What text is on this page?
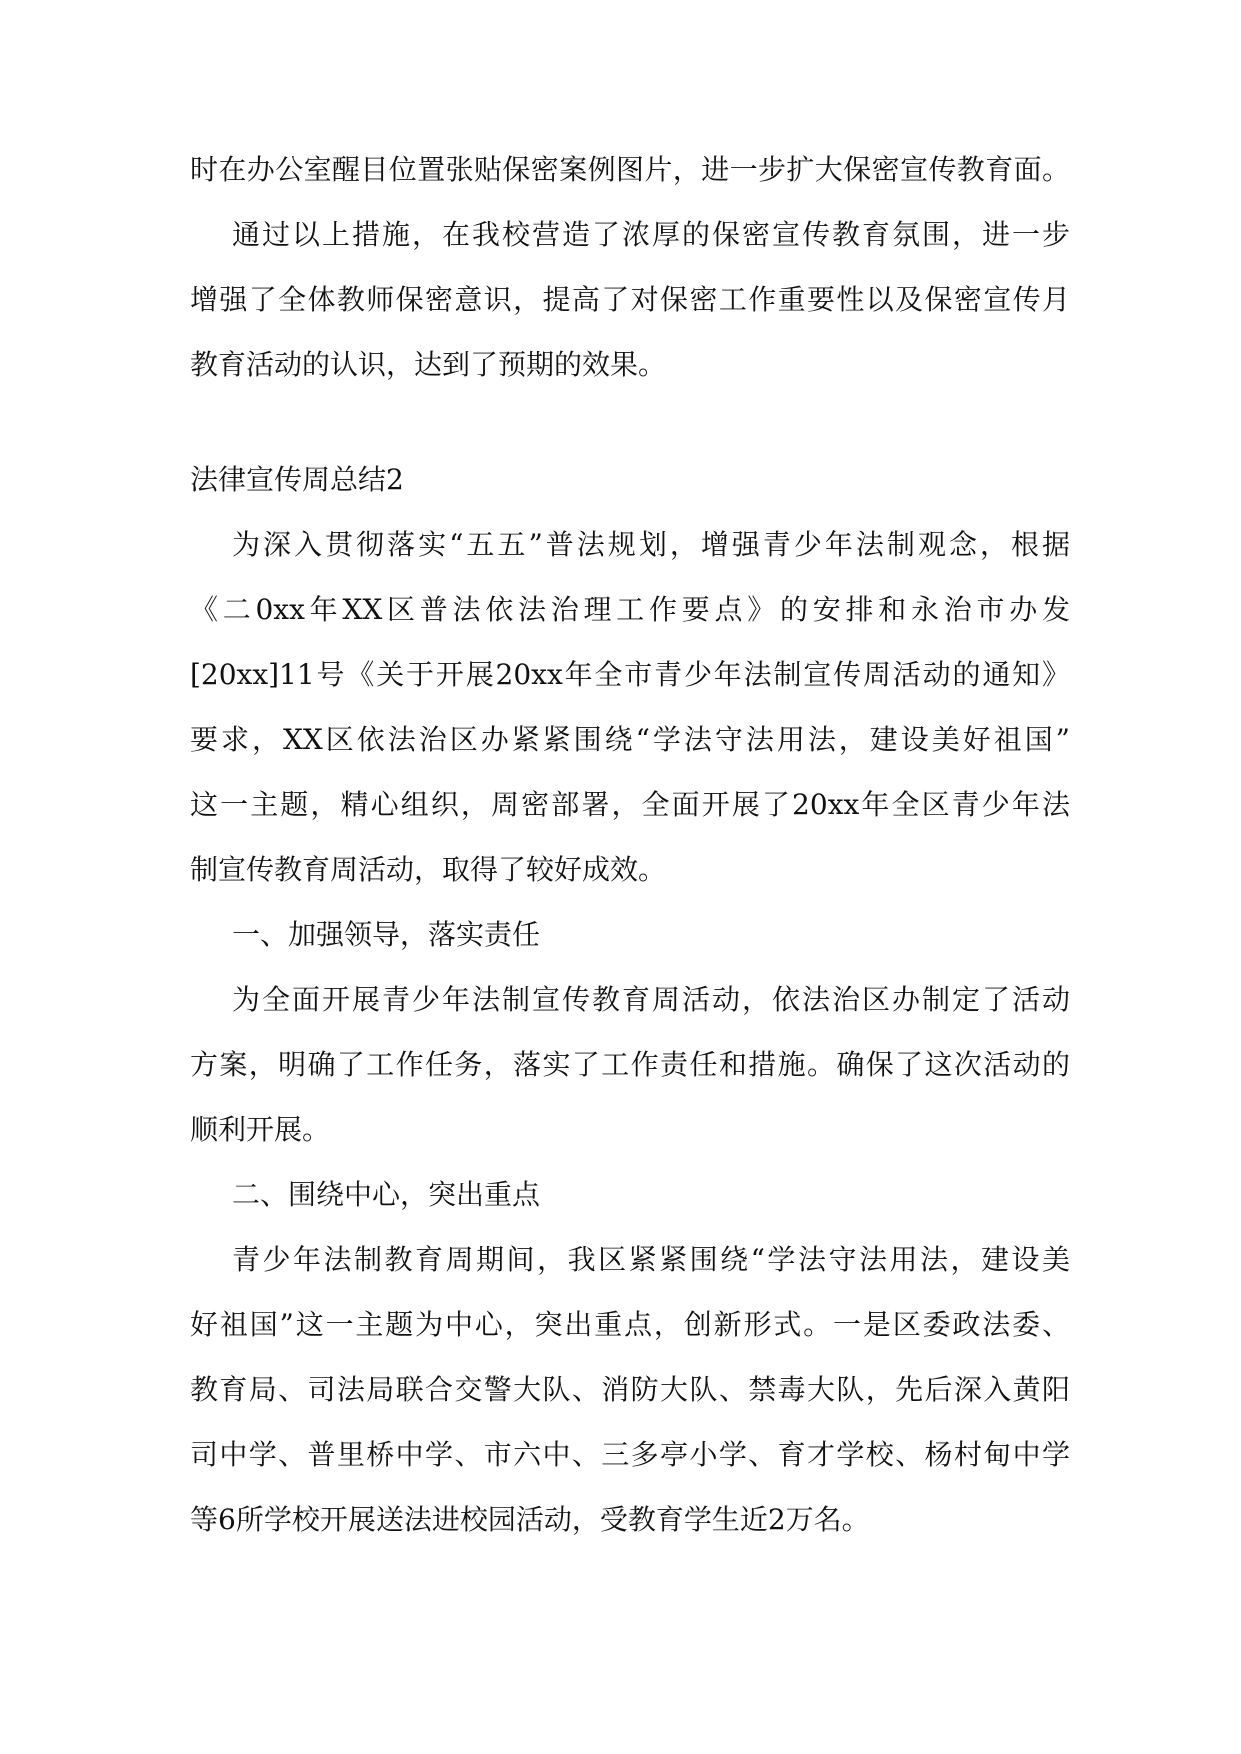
时在办公室醒目位置张贴保密案例图片，进一步扩大保密宣传教育面。
通过以上措施，在我校营造了浓厚的保密宣传教育氛围，进一步
增强了全体教师保密意识，提高了对保密工作重要性以及保密宣传月
教育活动的认识，达到了预期的效果。
法律宣传周总结2
为深入贯彻落实“五五”普法规划，增强青少年法制观念，根据
《二0xx年XX区普法依法治理工作要点》的安排和永治市办发
[20xx]11号《关于开展20xx年全市青少年法制宣传周活动的通知》
要求，XX区依法治区办紧紧围绕“学法守法用法，建设美好祖国”
这一主题，精心组织，周密部署，全面开展了20xx年全区青少年法
制宣传教育周活动，取得了较好成效。
一、加强领导，落实责任
为全面开展青少年法制宣传教育周活动，依法治区办制定了活动
方案，明确了工作任务，落实了工作责任和措施。确保了这次活动的
顺利开展。
二、围绕中心，突出重点
青少年法制教育周期间，我区紧紧围绕“学法守法用法，建设美
好祖国”这一主题为中心，突出重点，创新形式。一是区委政法委、
教育局、司法局联合交警大队、消防大队、禁毒大队，先后深入黄阳
司中学、普里桥中学、市六中、三多亭小学、育才学校、杨村甸中学
等6所学校开展送法进校园活动，受教育学生近2万名。
